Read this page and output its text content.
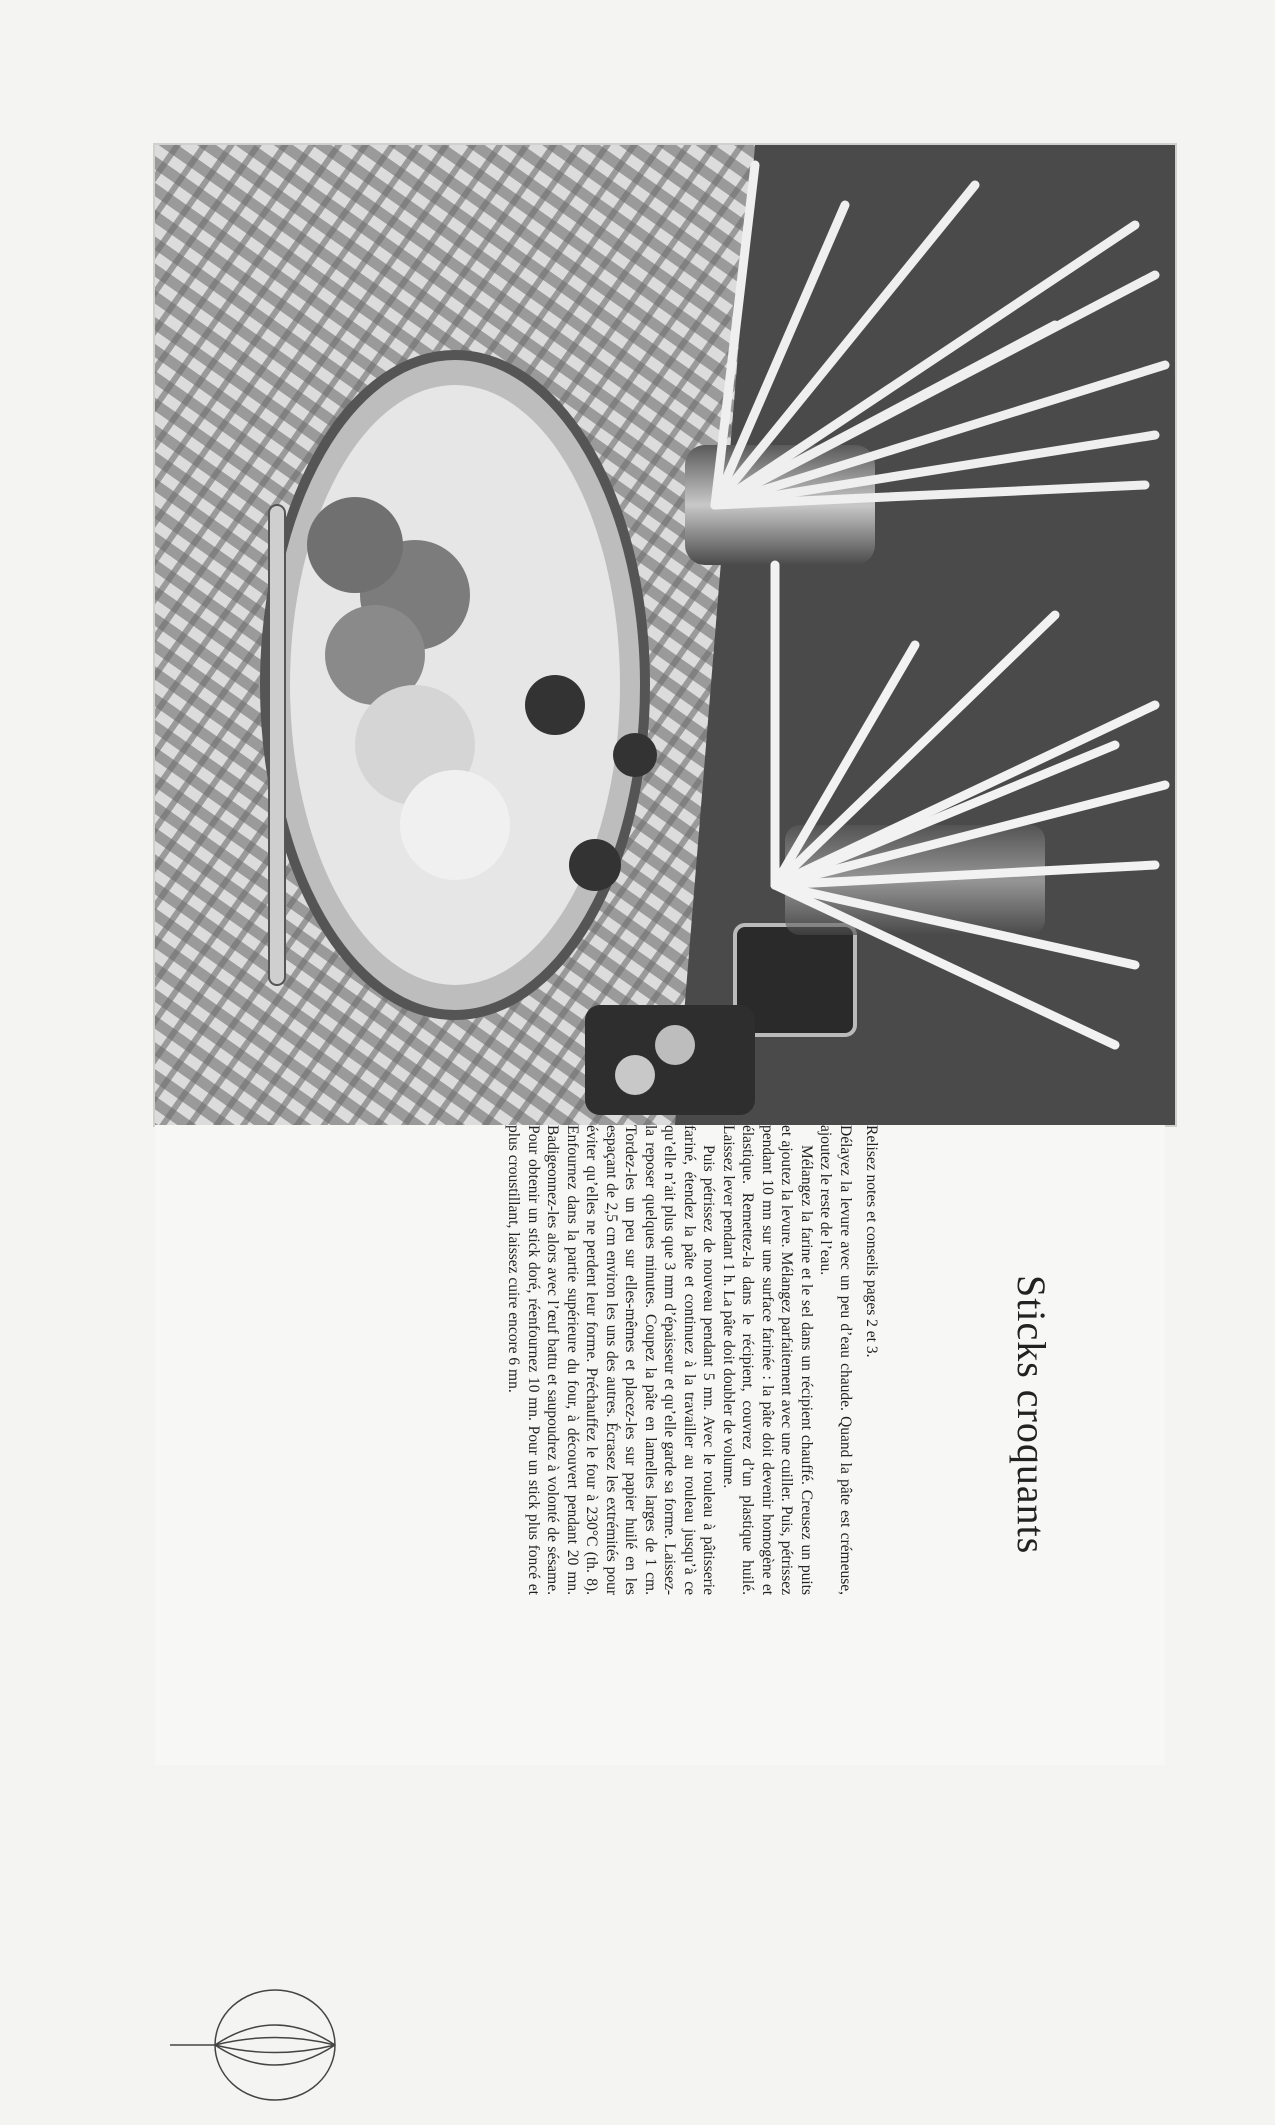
Sticks croquants
Relisez notes et conseils pages 2 et 3.

Délayez la levure avec un peu d’eau chaude. Quand la pâte est crémeuse, ajoutez le reste de l’eau.

Mélangez la farine et le sel dans un récipient chauffé. Creusez un puits et ajoutez la levure. Mélangez parfaitement avec une cuiller. Puis, pétrissez pendant 10 mn sur une surface farinée : la pâte doit devenir homogène et élastique. Remettez-la dans le récipient, couvrez d’un plastique huilé. Laissez lever pendant 1 h. La pâte doit doubler de volume.

Puis pétrissez de nouveau pendant 5 mn. Avec le rouleau à pâtisserie fariné, étendez la pâte et continuez à la travailler au rouleau jusqu’à ce qu’elle n’ait plus que 3 mm d’épaisseur et qu’elle garde sa forme. Laissez-la reposer quelques minutes. Coupez la pâte en lamelles larges de 1 cm. Tordez-les un peu sur elles-mêmes et placez-les sur papier huilé en les espaçant de 2,5 cm environ les uns des autres. Écrasez les extrémités pour éviter qu’elles ne perdent leur forme. Préchauffez le four à 230°C (th. 8). Enfournez dans la partie supérieure du four, à découvert pendant 20 mn. Badigeonnez-les alors avec l’œuf battu et saupoudrez à volonté de sésame. Pour obtenir un stick doré, réenfournez 10 mn. Pour un stick plus foncé et plus croustillant, laissez cuire encore 6 mn.
